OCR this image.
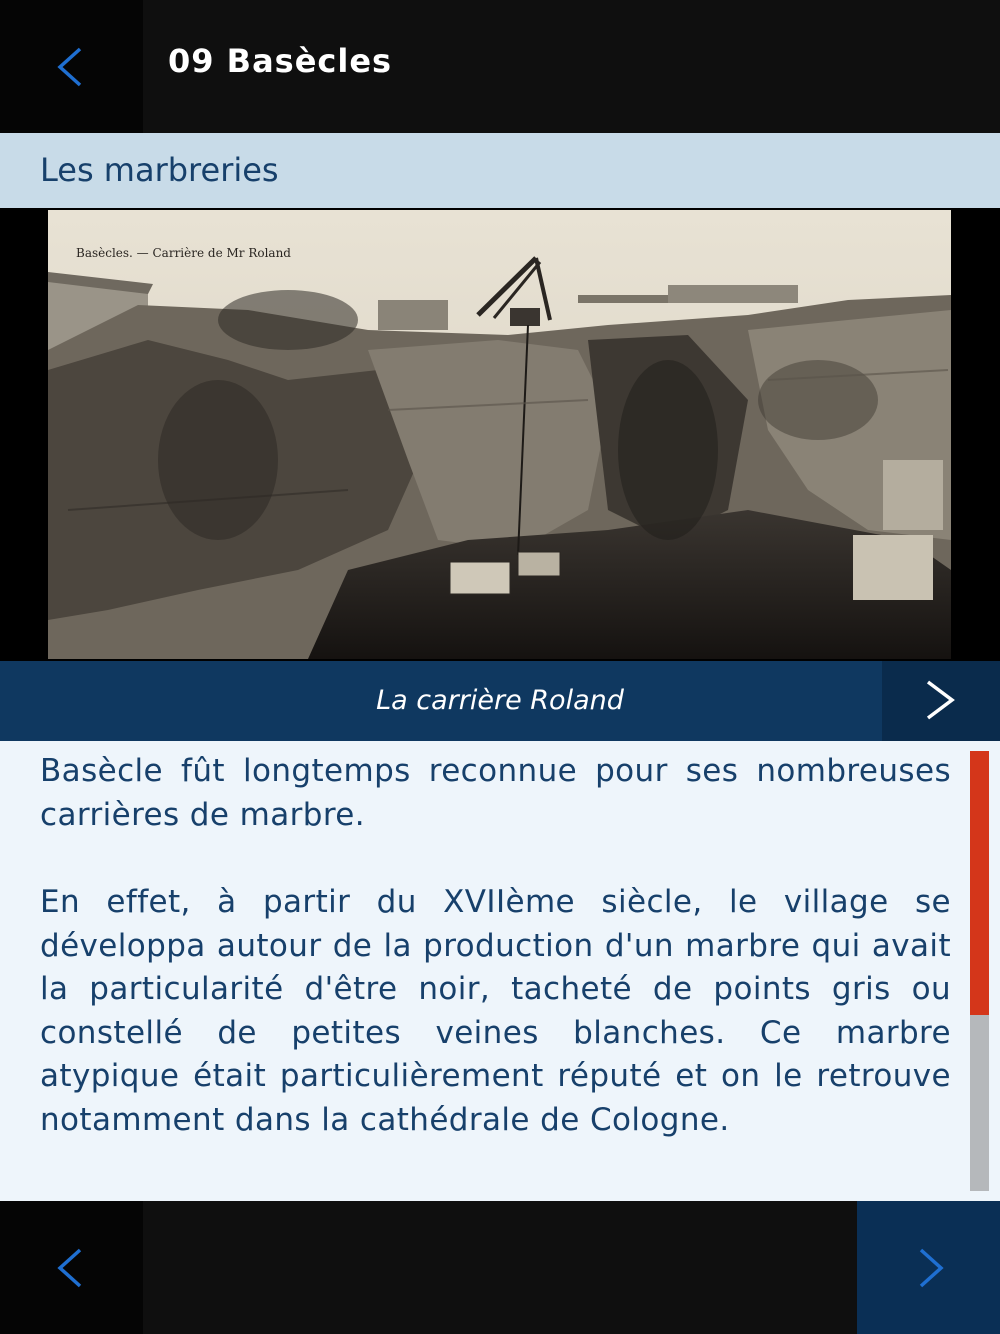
09 Basècles
Les marbreries
Basècles. — Carrière de Mr Roland
La carrière Roland

Basècle fût longtemps reconnue pour ses nombreuses carrières de marbre.

En effet, à partir du XVIIème siècle, le village se développa autour de la production d'un marbre qui avait la particularité d'être noir, tacheté de points gris ou constellé de petites veines blanches. Ce marbre atypique était particulièrement réputé et on le retrouve notamment dans la cathédrale de Cologne.
